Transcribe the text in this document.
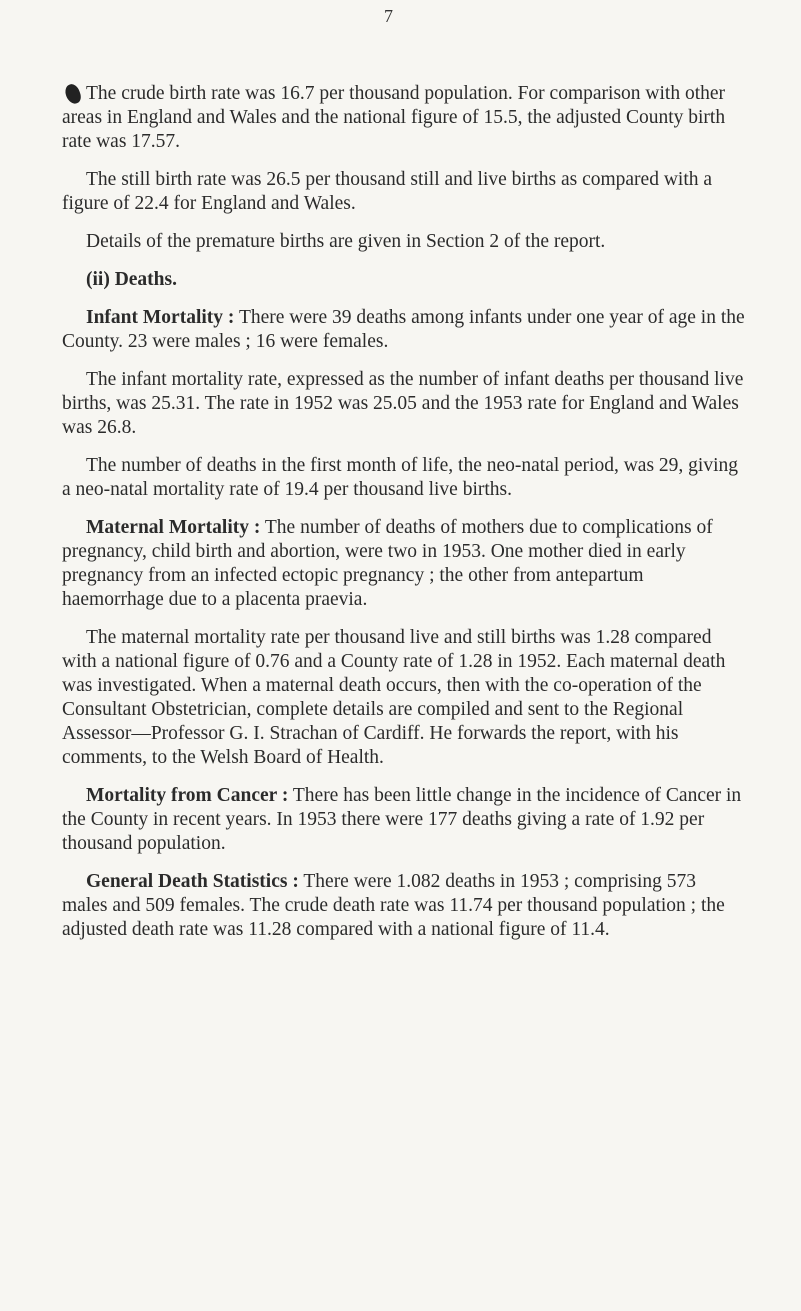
7

The crude birth rate was 16.7 per thousand population. For comparison with other areas in England and Wales and the national figure of 15.5, the adjusted County birth rate was 17.57.

The still birth rate was 26.5 per thousand still and live births as compared with a figure of 22.4 for England and Wales.

Details of the premature births are given in Section 2 of the report.

(ii) Deaths.

Infant Mortality : There were 39 deaths among infants under one year of age in the County. 23 were males ; 16 were females.

The infant mortality rate, expressed as the number of infant deaths per thousand live births, was 25.31. The rate in 1952 was 25.05 and the 1953 rate for England and Wales was 26.8.

The number of deaths in the first month of life, the neo-natal period, was 29, giving a neo-natal mortality rate of 19.4 per thousand live births.

Maternal Mortality : The number of deaths of mothers due to complications of pregnancy, child birth and abortion, were two in 1953. One mother died in early pregnancy from an infected ectopic pregnancy ; the other from antepartum haemorrhage due to a placenta praevia.

The maternal mortality rate per thousand live and still births was 1.28 compared with a national figure of 0.76 and a County rate of 1.28 in 1952. Each maternal death was investigated. When a maternal death occurs, then with the co-operation of the Consultant Obstetrician, complete details are compiled and sent to the Regional Assessor—Professor G. I. Strachan of Cardiff. He forwards the report, with his comments, to the Welsh Board of Health.

Mortality from Cancer : There has been little change in the incidence of Cancer in the County in recent years. In 1953 there were 177 deaths giving a rate of 1.92 per thousand population.

General Death Statistics : There were 1.082 deaths in 1953 ; comprising 573 males and 509 females. The crude death rate was 11.74 per thousand population ; the adjusted death rate was 11.28 compared with a national figure of 11.4.
